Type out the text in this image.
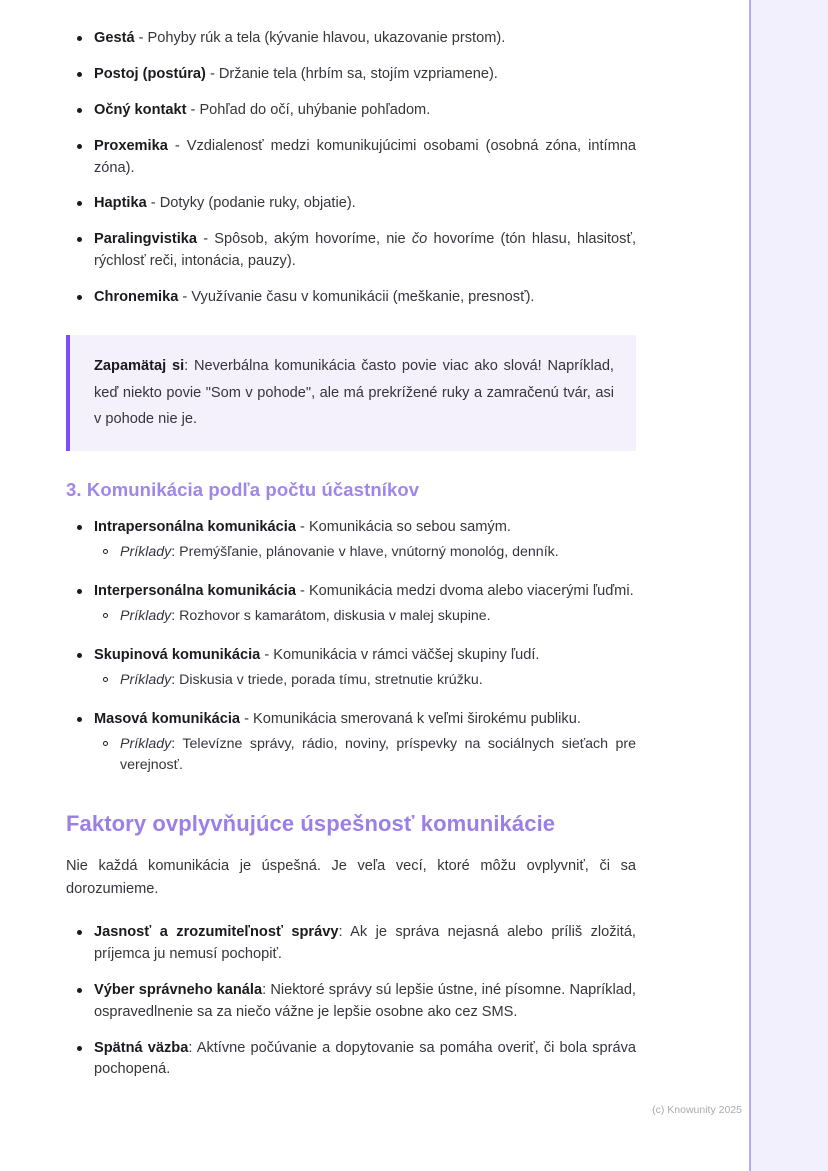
Gestá - Pohyby rúk a tela (kývanie hlavou, ukazovanie prstom).
Postoj (postúra) - Držanie tela (hrbím sa, stojím vzpriamene).
Očný kontakt - Pohľad do očí, uhýbanie pohľadom.
Proxemika - Vzdialenosť medzi komunikujúcimi osobami (osobná zóna, intímna zóna).
Haptika - Dotyky (podanie ruky, objatie).
Paralingvistika - Spôsob, akým hovoríme, nie čo hovoríme (tón hlasu, hlasitosť, rýchlosť reči, intonácia, pauzy).
Chronemika - Využívanie času v komunikácii (meškanie, presnosť).
Zapamätaj si: Neverbálna komunikácia často povie viac ako slová! Napríklad, keď niekto povie "Som v pohode", ale má prekrížené ruky a zamračenú tvár, asi v pohode nie je.
3. Komunikácia podľa počtu účastníkov
Intrapersonálna komunikácia - Komunikácia so sebou samým.
Príklady: Premýšľanie, plánovanie v hlave, vnútorný monológ, denník.
Interpersonálna komunikácia - Komunikácia medzi dvoma alebo viacerými ľuďmi.
Príklady: Rozhovor s kamarátom, diskusia v malej skupine.
Skupinová komunikácia - Komunikácia v rámci väčšej skupiny ľudí.
Príklady: Diskusia v triede, porada tímu, stretnutie krúžku.
Masová komunikácia - Komunikácia smerovaná k veľmi širokému publiku.
Príklady: Televízne správy, rádio, noviny, príspevky na sociálnych sieťach pre verejnosť.
Faktory ovplyvňujúce úspešnosť komunikácie

Nie každá komunikácia je úspešná. Je veľa vecí, ktoré môžu ovplyvniť, či sa dorozumieme.

Jasnosť a zrozumiteľnosť správy: Ak je správa nejasná alebo príliš zložitá, príjemca ju nemusí pochopiť.
Výber správneho kanála: Niektoré správy sú lepšie ústne, iné písomne. Napríklad, ospravedlnenie sa za niečo vážne je lepšie osobne ako cez SMS.
Spätná väzba: Aktívne počúvanie a dopytovanie sa pomáha overiť, či bola správa pochopená.
(c) Knowunity 2025
